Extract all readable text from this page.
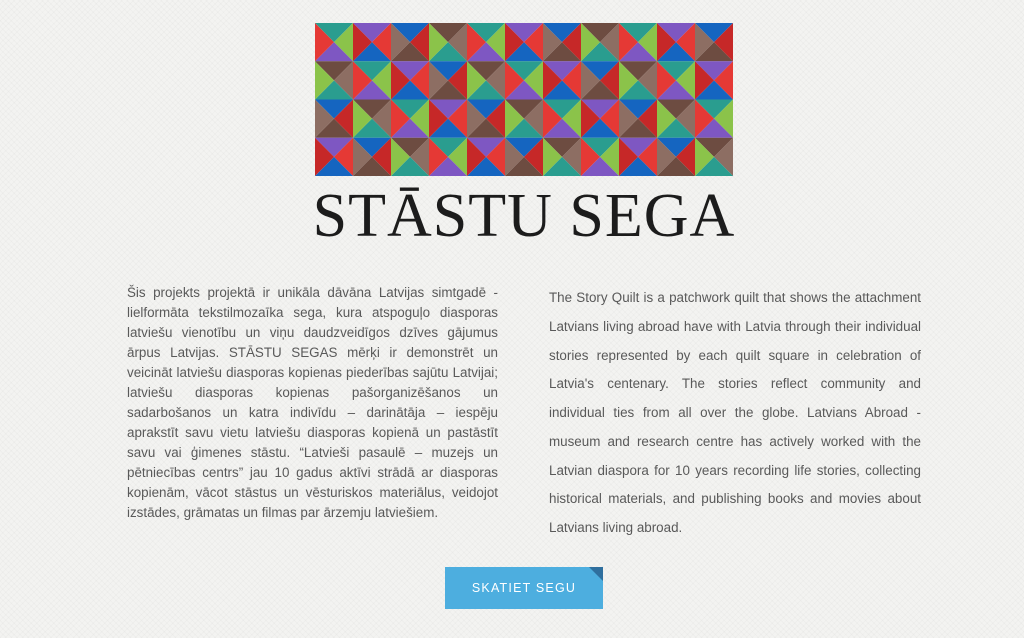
STĀSTU SEGA
Šis projekts projektā ir unikāla dāvāna Latvijas simtgadē - lielformāta tekstilmozaīka sega, kura atspoguļo diasporas latviešu vienotību un viņu daudzveidīgos dzīves gājumus ārpus Latvijas. STĀSTU SEGAS mērķi ir demonstrēt un veicināt latviešu diasporas kopienas piederības sajūtu Latvijai; latviešu diasporas kopienas pašorganizēšanos un sadarbošanos un katra indivīdu – darinātāja – iespēju aprakstīt savu vietu latviešu diasporas kopienā un pastāstīt savu vai ģimenes stāstu. “Latvieši pasaulē – muzejs un pētniecības centrs” jau 10 gadus aktīvi strādā ar diasporas kopienām, vācot stāstus un vēsturiskos materiālus, veidojot izstādes, grāmatas un filmas par ārzemju latviešiem.
The Story Quilt is a patchwork quilt that shows the attachment Latvians living abroad have with Latvia through their individual stories represented by each quilt square in celebration of Latvia's centenary. The stories reflect community and individual ties from all over the globe. Latvians Abroad - museum and research centre has actively worked with the Latvian diaspora for 10 years recording life stories, collecting historical materials, and publishing books and movies about Latvians living abroad.
SKATIET SEGU
